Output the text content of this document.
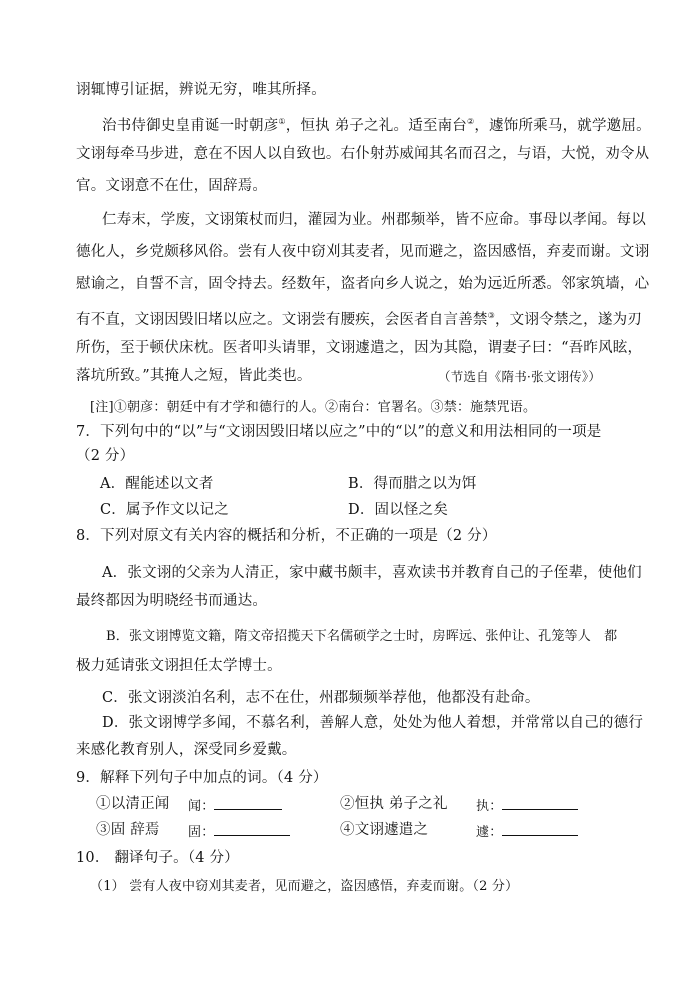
诩辄博引证据，辨说无穷，唯其所择。
治书侍御史皇甫诞一时朝彦①，恒执 弟子之礼。适至南台②，遽饰所乘马，就学邀屈。
文诩每牵马步进，意在不因人以自致也。右仆射苏威闻其名而召之，与语，大悦，劝令从
官。文诩意不在仕，固辞焉。
仁寿末，学废，文诩策杖而归，灌园为业。州郡频举，皆不应命。事母以孝闻。每以
德化人，乡党颇移风俗。尝有人夜中窃刈其麦者，见而避之，盗因感悟，弃麦而谢。文诩
慰谕之，自誓不言，固令持去。经数年，盗者向乡人说之，始为远近所悉。邻家筑墙，心
有不直，文诩因毁旧堵以应之。文诩尝有腰疾，会医者自言善禁③，文诩令禁之，遂为刃
所伤，至于顿伏床枕。医者叩头请罪，文诩遽遣之，因为其隐，谓妻子曰：“吾昨风眩，
落坑所致。”其掩人之短，皆此类也。	（节选自《隋书·张文诩传》）
[注]①朝彦：朝廷中有才学和德行的人。②南台：官署名。③禁：施禁咒语。
7．下列句中的“以”与“文诩因毁旧堵以应之”中的“以”的意义和用法相同的一项是
（2 分）
A．醒能述以文者	B．得而腊之以为饵
C．属予作文以记之	D．固以怪之矣
8．下列对原文有关内容的概括和分析，不正确的一项是（2 分）
A．张文诩的父亲为人清正，家中藏书颇丰，喜欢读书并教育自己的子侄辈，使他们
最终都因为明晓经书而通达。
B．张文诩博览文籍，隋文帝招揽天下名儒硕学之士时，房晖远、张仲让、孔笼等人　都
极力延请张文诩担任太学博士。
C．张文诩淡泊名利，志不在仕，州郡频频举荐他，他都没有赴命。
D．张文诩博学多闻，不慕名利，善解人意，处处为他人着想，并常常以自己的德行
来感化教育别人，深受同乡爱戴。
9．解释下列句子中加点的词。（4 分）
①以清正闻 闻：	②恒执 弟子之礼 执：
③固 辞焉 固：	④文诩遽遣之	遽：
10． 翻译句子。（4 分）
（1） 尝有人夜中窃刈其麦者，见而避之，盗因感悟，弃麦而谢。（2 分）
